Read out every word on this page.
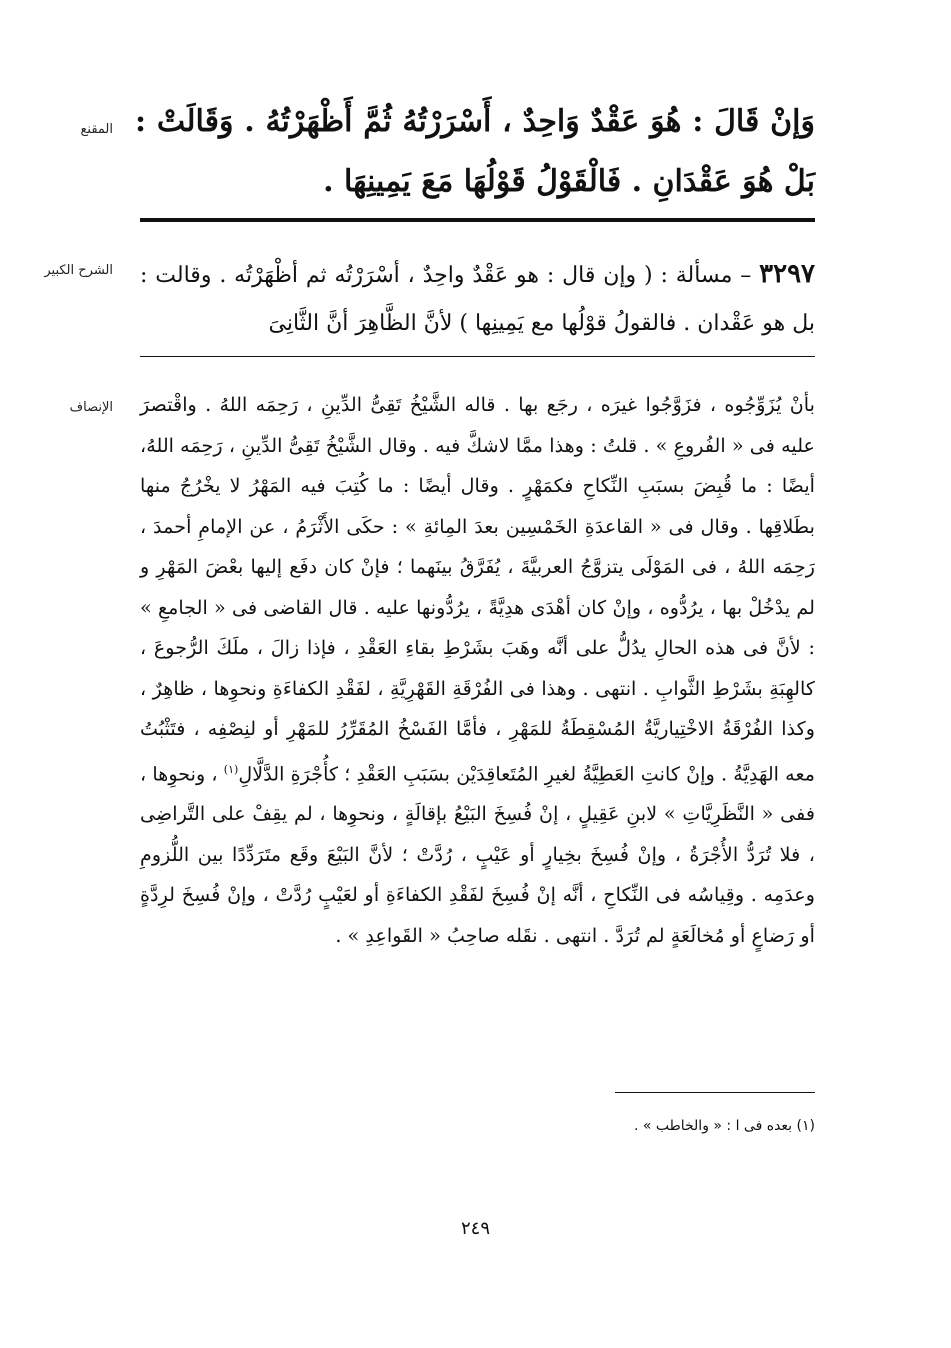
المقنع وَإنْ قَالَ : هُوَ عَقْدٌ وَاحِدٌ ، أَسْرَرْتُهُ ثُمَّ أَظْهَرْتُهُ . وَقَالَتْ : بَلْ هُوَ عَقْدَانِ . فَالْقَوْلُ قَوْلُهَا مَعَ يَمِينِهَا .

الشرح الكبير	٣٢٩٧ – مسألة : ( وإن قال : هو عَقْدٌ واحِدٌ ، أسْرَرْتُه ثم أظْهَرْتُه . وقالت : بل هو عَقْدان . فالقولُ قوْلُها مع يَمِينِها ) لأنَّ الظَّاهِرَ أنَّ الثَّانِىَ

الإنصاف بأنْ يُزَوِّجُوه ، فزَوَّجُوا غيرَه ، رجَع بها . قاله الشَّيْخُ تَقِىُّ الدِّينِ ، رَحِمَه اللهُ . واقْتصرَ عليه فى « الفُروعِ » . قلتُ : وهذا ممَّا لاشكَّ فيه . وقال الشَّيْخُ تَقِىُّ الدِّينِ ، رَحِمَه اللهُ، أيضًا : ما قُبِضَ بسبَبِ النِّكاحِ فكمَهْرٍ . وقال أيضًا : ما كُتِبَ فيه المَهْرُ لا يخْرُجُ منها بطَلاقِها . وقال فى « القاعدَةِ الخَمْسِين بعدَ المِائةِ » : حكَى الأَثْرَمُ ، عن الإمامِ أحمدَ ، رَحِمَه اللهُ ، فى المَوْلَى يتزوَّجُ العربيَّةَ ، يُفَرَّقُ بينَهما ؛ فإنْ كان دفَع إليها بعْضَ المَهْرِ و لم يدْخُلْ بها ، يرُدُّوه ، وإنْ كان أهْدَى هدِيَّةً ، يرُدُّونها عليه . قال القاضى فى « الجامعِ » : لأنَّ فى هذه الحالِ يدُلُّ على أنَّه وهَبَ بشَرْطِ بقاءِ العَقْدِ ، فإذا زالَ ، ملَكَ الرُّجوعَ ، كالهِبَةِ بشَرْطِ الثَّوابِ . انتهى . وهذا فى الفُرْقَةِ القَهْرِيَّةِ ، لفَقْدِ الكفاءَةِ ونحوِها ، ظاهِرٌ ، وكذا الفُرْقَةُ الاخْتِياريَّةُ المُسْقِطَةُ للمَهْرِ ، فأمَّا الفَسْخُ المُقَرِّرُ للمَهْرِ أو لنِصْفِه ، فتَثْبُتُ معه الهَدِيَّةُ . وإنْ كانتِ العَطِيَّةُ لغيرِ المُتَعاقِدَيْن بسَبَبِ العَقْدِ ؛ كأُجْرَةِ الدَّلَّالِ$^{(١)}$ ، ونحوِها ، ففى « النَّظَرِيَّاتِ » لابنِ عَقِيلٍ ، إنْ فُسِخَ البَيْعُ بإقالَةٍ ، ونحوِها ، لم يقِفْ على التَّراضِى ، فلا تُرَدُّ الأُجْرَةُ ، وإنْ فُسِخَ بخِيارٍ أو عَيْبٍ ، رُدَّتْ ؛ لأنَّ البَيْعَ وقَع متَرَدِّدًا بين اللُّزومِ وعدَمِه . وقِياسُه فى النِّكاحِ ، أنَّه إنْ فُسِخَ لفَقْدِ الكفاءَةِ أو لعَيْبٍ رُدَّتْ ، وإنْ فُسِخَ لرِدَّةٍ أو رَضاعٍ أو مُخالَعَةٍ لم تُرَدَّ . انتهى . نقَله صاحِبُ « القَواعِدِ » .

(١) بعده فى ا : « والخاطب » .
٢٤٩
